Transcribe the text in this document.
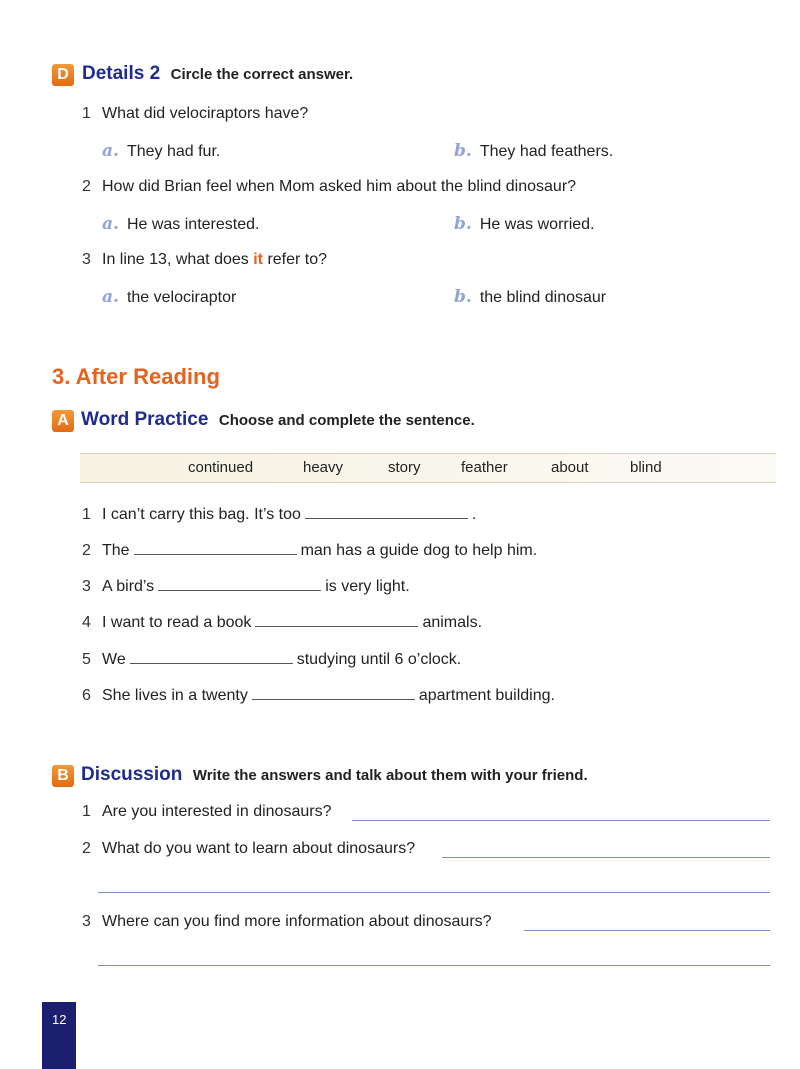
D Details 2 Circle the correct answer.
1 What did velociraptors have?
a. They had fur.	b. They had feathers.
2 How did Brian feel when Mom asked him about the blind dinosaur?
a. He was interested.	b. He was worried.
3 In line 13, what does it refer to?
a. the velociraptor	b. the blind dinosaur
3. After Reading
A Word Practice Choose and complete the sentence.
continued	heavy	story	feather	about	blind
1 I can’t carry this bag. It’s too	.
2 The	man has a guide dog to help him.
3 A bird’s	is very light.
4 I want to read a book	animals.
5 We	studying until 6 o’clock.
6 She lives in a twenty	apartment building.
B Discussion Write the answers and talk about them with your friend.
1 Are you interested in dinosaurs?
2 What do you want to learn about dinosaurs?
3 Where can you find more information about dinosaurs?
12
